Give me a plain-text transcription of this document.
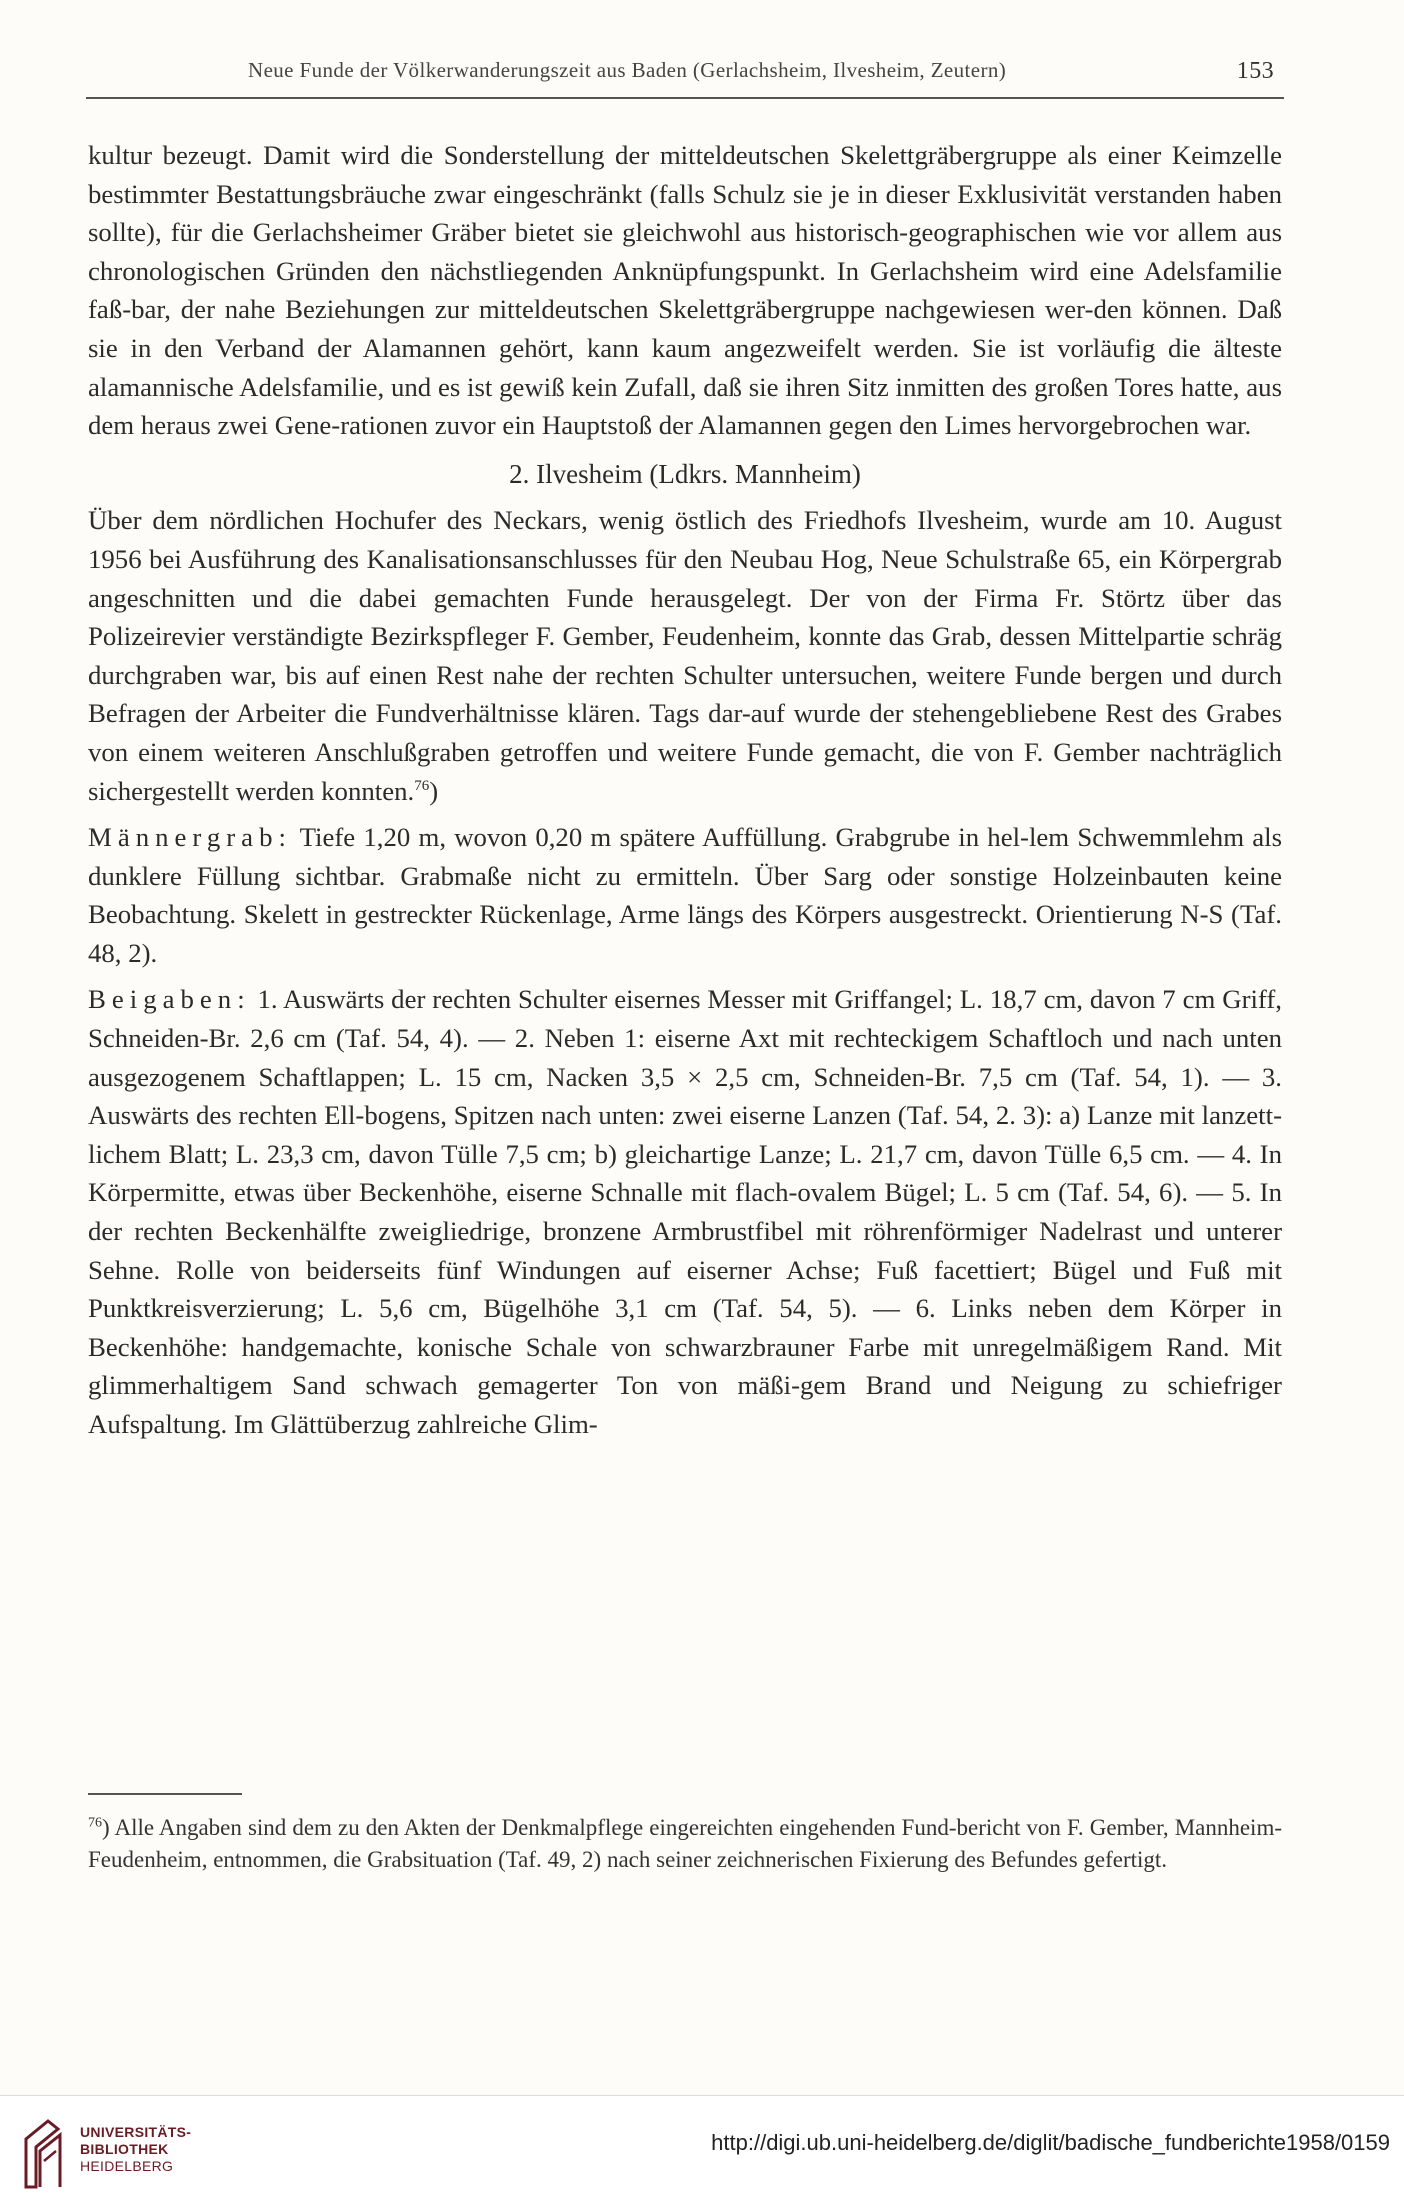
Neue Funde der Völkerwanderungszeit aus Baden (Gerlachsheim, Ilvesheim, Zeutern)	153

kultur bezeugt. Damit wird die Sonderstellung der mitteldeutschen Skelettgräbergruppe als einer Keimzelle bestimmter Bestattungsbräuche zwar eingeschränkt (falls Schulz sie je in dieser Exklusivität verstanden haben sollte), für die Gerlachsheimer Gräber bietet sie gleichwohl aus historisch-geographischen wie vor allem aus chronologischen Gründen den nächstliegenden Anknüpfungspunkt. In Gerlachsheim wird eine Adelsfamilie faß-bar, der nahe Beziehungen zur mitteldeutschen Skelettgräbergruppe nachgewiesen wer-den können. Daß sie in den Verband der Alamannen gehört, kann kaum angezweifelt werden. Sie ist vorläufig die älteste alamannische Adelsfamilie, und es ist gewiß kein Zufall, daß sie ihren Sitz inmitten des großen Tores hatte, aus dem heraus zwei Gene-rationen zuvor ein Hauptstoß der Alamannen gegen den Limes hervorgebrochen war.

2. Ilvesheim (Ldkrs. Mannheim)

Über dem nördlichen Hochufer des Neckars, wenig östlich des Friedhofs Ilvesheim, wurde am 10. August 1956 bei Ausführung des Kanalisationsanschlusses für den Neubau Hog, Neue Schulstraße 65, ein Körpergrab angeschnitten und die dabei gemachten Funde herausgelegt. Der von der Firma Fr. Störtz über das Polizeirevier verständigte Bezirkspfleger F. Gember, Feudenheim, konnte das Grab, dessen Mittelpartie schräg durchgraben war, bis auf einen Rest nahe der rechten Schulter untersuchen, weitere Funde bergen und durch Befragen der Arbeiter die Fundverhältnisse klären. Tags dar-auf wurde der stehengebliebene Rest des Grabes von einem weiteren Anschlußgraben getroffen und weitere Funde gemacht, die von F. Gember nachträglich sichergestellt werden konnten.$^{76}$)

Männergrab: Tiefe 1,20 m, wovon 0,20 m spätere Auffüllung. Grabgrube in hel-lem Schwemmlehm als dunklere Füllung sichtbar. Grabmaße nicht zu ermitteln. Über Sarg oder sonstige Holzeinbauten keine Beobachtung. Skelett in gestreckter Rückenlage, Arme längs des Körpers ausgestreckt. Orientierung N-S (Taf. 48, 2).

Beigaben: 1. Auswärts der rechten Schulter eisernes Messer mit Griffangel; L. 18,7 cm, davon 7 cm Griff, Schneiden-Br. 2,6 cm (Taf. 54, 4). — 2. Neben 1: eiserne Axt mit rechteckigem Schaftloch und nach unten ausgezogenem Schaftlappen; L. 15 cm, Nacken 3,5 × 2,5 cm, Schneiden-Br. 7,5 cm (Taf. 54, 1). — 3. Auswärts des rechten Ell-bogens, Spitzen nach unten: zwei eiserne Lanzen (Taf. 54, 2. 3): a) Lanze mit lanzett-lichem Blatt; L. 23,3 cm, davon Tülle 7,5 cm; b) gleichartige Lanze; L. 21,7 cm, davon Tülle 6,5 cm. — 4. In Körpermitte, etwas über Beckenhöhe, eiserne Schnalle mit flach-ovalem Bügel; L. 5 cm (Taf. 54, 6). — 5. In der rechten Beckenhälfte zweigliedrige, bronzene Armbrustfibel mit röhrenförmiger Nadelrast und unterer Sehne. Rolle von beiderseits fünf Windungen auf eiserner Achse; Fuß facettiert; Bügel und Fuß mit Punktkreisverzierung; L. 5,6 cm, Bügelhöhe 3,1 cm (Taf. 54, 5). — 6. Links neben dem Körper in Beckenhöhe: handgemachte, konische Schale von schwarzbrauner Farbe mit unregelmäßigem Rand. Mit glimmerhaltigem Sand schwach gemagerter Ton von mäßi-gem Brand und Neigung zu schiefriger Aufspaltung. Im Glättüberzug zahlreiche Glim-

$^{76}$) Alle Angaben sind dem zu den Akten der Denkmalpflege eingereichten eingehenden Fund-bericht von F. Gember, Mannheim-Feudenheim, entnommen, die Grabsituation (Taf. 49, 2) nach seiner zeichnerischen Fixierung des Befundes gefertigt.
UNIVERSITÄTS-
BIBLIOTHEK
HEIDELBERG
http://digi.ub.uni-heidelberg.de/diglit/badische_fundberichte1958/0159
